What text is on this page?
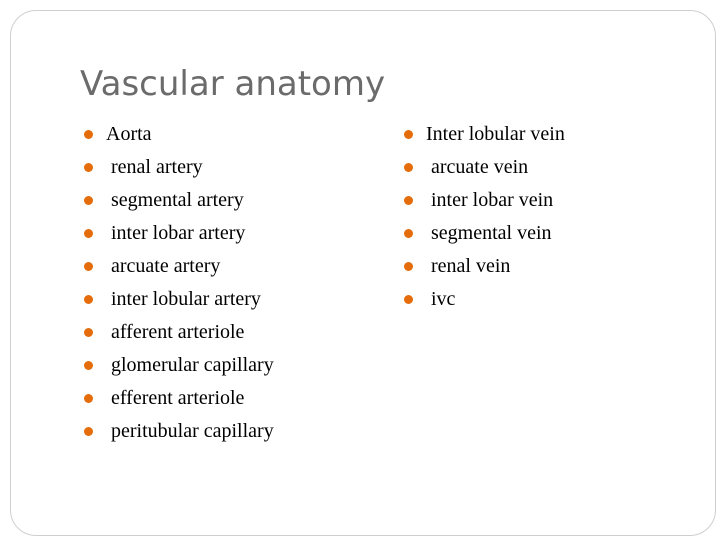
Vascular anatomy
Aorta
renal artery
segmental artery
inter lobar artery
arcuate artery
inter lobular artery
afferent arteriole
glomerular capillary
efferent arteriole
peritubular capillary
Inter lobular vein
arcuate vein
inter lobar vein
segmental vein
renal vein
ivc
